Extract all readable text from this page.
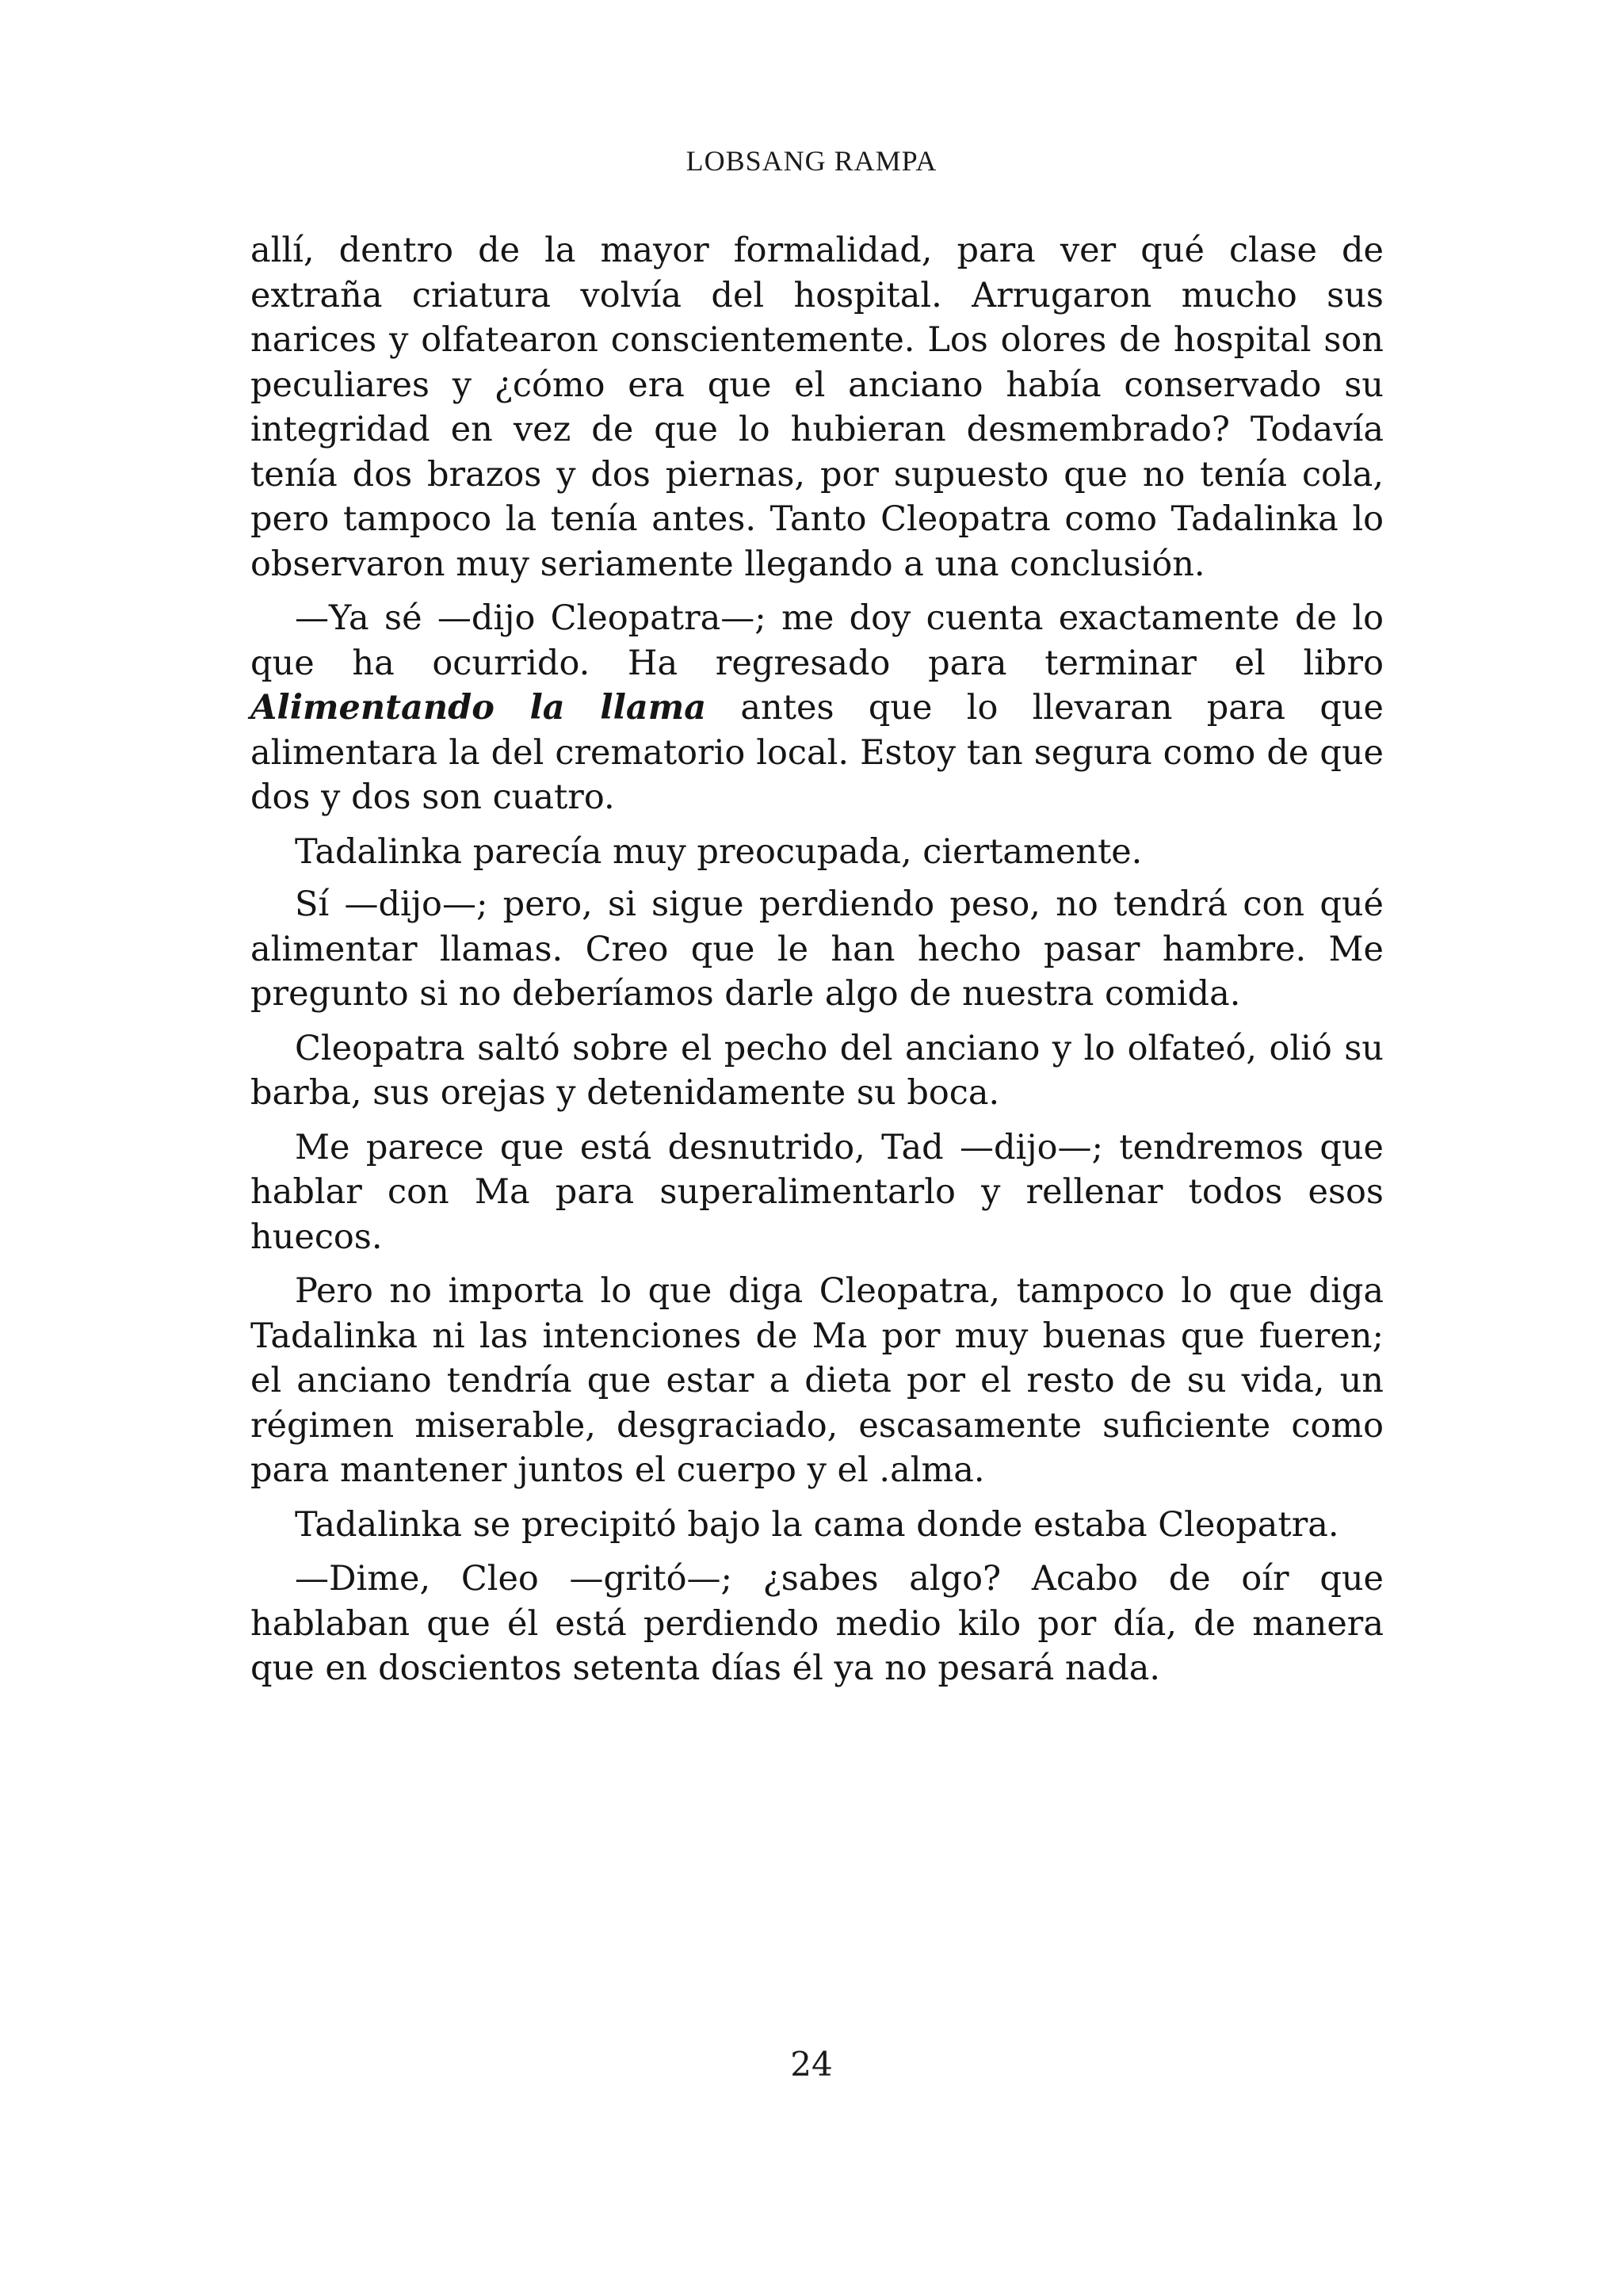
LOBSANG RAMPA

allí, dentro de la mayor formalidad, para ver qué clase de extraña criatura volvía del hospital. Arrugaron mucho sus narices y olfatearon conscientemente. Los olores de hospital son peculiares y ¿cómo era que el anciano había conservado su integridad en vez de que lo hubieran desmembrado? Todavía tenía dos brazos y dos piernas, por supuesto que no tenía cola, pero tampoco la tenía antes. Tanto Cleopatra como Tadalinka lo observaron muy seriamente llegando a una conclusión.

—Ya sé —dijo Cleopatra—; me doy cuenta exactamente de lo que ha ocurrido. Ha regresado para terminar el libro Alimentando la llama antes que lo llevaran para que alimentara la del crematorio local. Estoy tan segura como de que dos y dos son cuatro.

Tadalinka parecía muy preocupada, ciertamente.

Sí —dijo—; pero, si sigue perdiendo peso, no tendrá con qué alimentar llamas. Creo que le han hecho pasar hambre. Me pregunto si no deberíamos darle algo de nuestra comida.

Cleopatra saltó sobre el pecho del anciano y lo olfateó, olió su barba, sus orejas y detenidamente su boca.

Me parece que está desnutrido, Tad —dijo—; tendremos que hablar con Ma para superalimentarlo y rellenar todos esos huecos.

Pero no importa lo que diga Cleopatra, tampoco lo que diga Tadalinka ni las intenciones de Ma por muy buenas que fueren; el anciano tendría que estar a dieta por el resto de su vida, un régimen miserable, desgraciado, escasamente suficiente como para mantener juntos el cuerpo y el .alma.

Tadalinka se precipitó bajo la cama donde estaba Cleopatra.

—Dime, Cleo —gritó—; ¿sabes algo? Acabo de oír que hablaban que él está perdiendo medio kilo por día, de manera que en doscientos setenta días él ya no pesará nada.

24
